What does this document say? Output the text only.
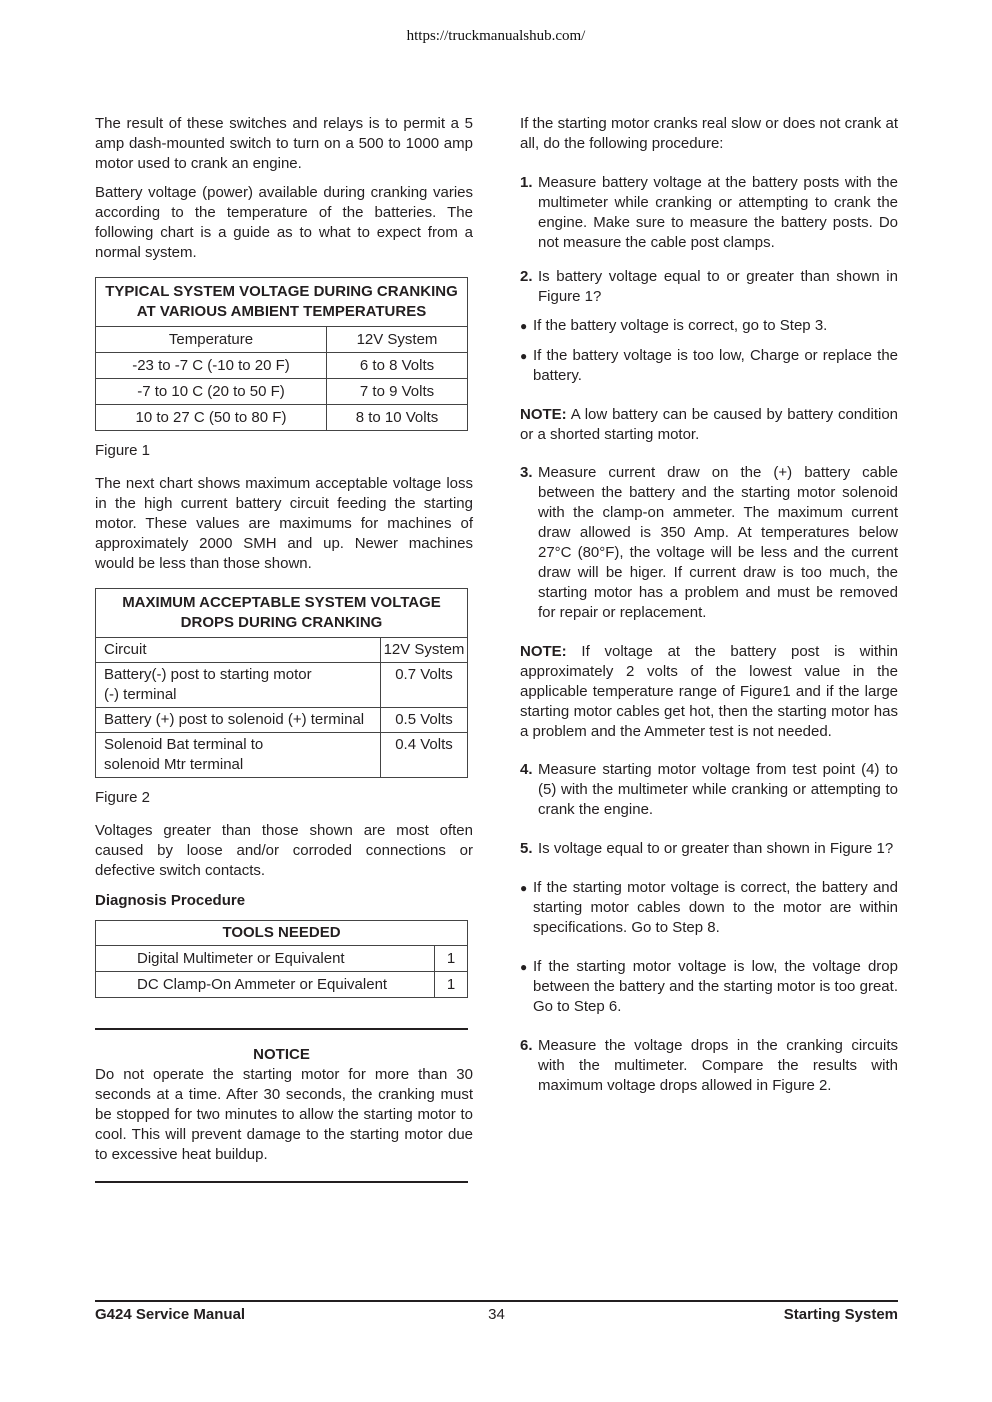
https://truckmanualshub.com/

The result of these switches and relays is to permit a 5 amp dash-mounted switch to turn on a 500 to 1000 amp motor used to crank an engine.

Battery voltage (power) available during cranking varies according to the temperature of the batteries. The following chart is a guide as to what to expect from a normal system.

TYPICAL SYSTEM VOLTAGE DURING CRANKING AT VARIOUS AMBIENT TEMPERATURES	
Temperature	12V System
-23 to -7 C (-10 to 20 F)	6 to 8 Volts
-7 to 10 C (20 to 50 F)	7 to 9 Volts
10 to 27 C (50 to 80 F)	8 to 10 Volts
Figure 1

The next chart shows maximum acceptable voltage loss in the high current battery circuit feeding the starting motor. These values are maximums for machines of approximately 2000 SMH and up. Newer machines would be less than those shown.

MAXIMUM ACCEPTABLE SYSTEM VOLTAGE DROPS DURING CRANKING	
Circuit	12V System

Battery(-) post to starting motor
(-) terminal	0.7 Volts
Battery (+) post to solenoid (+) terminal	0.5 Volts

Solenoid Bat terminal to
solenoid Mtr terminal	0.4 Volts
Figure 2

Voltages greater than those shown are most often caused by loose and/or corroded connections or defective switch contacts.

Diagnosis Procedure
TOOLS NEEDED	
Digital Multimeter or Equivalent	1
DC Clamp-On Ammeter or Equivalent	1
NOTICE

Do not operate the starting motor for more than 30 seconds at a time. After 30 seconds, the cranking must be stopped for two minutes to allow the starting motor to cool. This will prevent damage to the starting motor due to excessive heat buildup.

If the starting motor cranks real slow or does not crank at all, do the following procedure:

1. Measure battery voltage at the battery posts with the multimeter while cranking or attempting to crank the engine. Make sure to measure the battery posts. Do not measure the cable post clamps.

2. Is battery voltage equal to or greater than shown in Figure 1?

● If the battery voltage is correct, go to Step 3.

● If the battery voltage is too low, Charge or replace the battery.

NOTE: A low battery can be caused by battery condition or a shorted starting motor.

3. Measure current draw on the (+) battery cable between the battery and the starting motor solenoid with the clamp-on ammeter. The maximum current draw allowed is 350 Amp. At temperatures below 27°C (80°F), the voltage will be less and the current draw will be higer. If current draw is too much, the starting motor has a problem and must be removed for repair or replacement.

NOTE: If voltage at the battery post is within approximately 2 volts of the lowest value in the applicable temperature range of Figure1 and if the large starting motor cables get hot, then the starting motor has a problem and the Ammeter test is not needed.

4. Measure starting motor voltage from test point (4) to (5) with the multimeter while cranking or attempting to crank the engine.

5. Is voltage equal to or greater than shown in Figure 1?

● If the starting motor voltage is correct, the battery and starting motor cables down to the motor are within specifications. Go to Step 8.

● If the starting motor voltage is low, the voltage drop between the battery and the starting motor is too great. Go to Step 6.

6. Measure the voltage drops in the cranking circuits with the multimeter. Compare the results with maximum voltage drops allowed in Figure 2.

G424 Service Manual	34	Starting System
